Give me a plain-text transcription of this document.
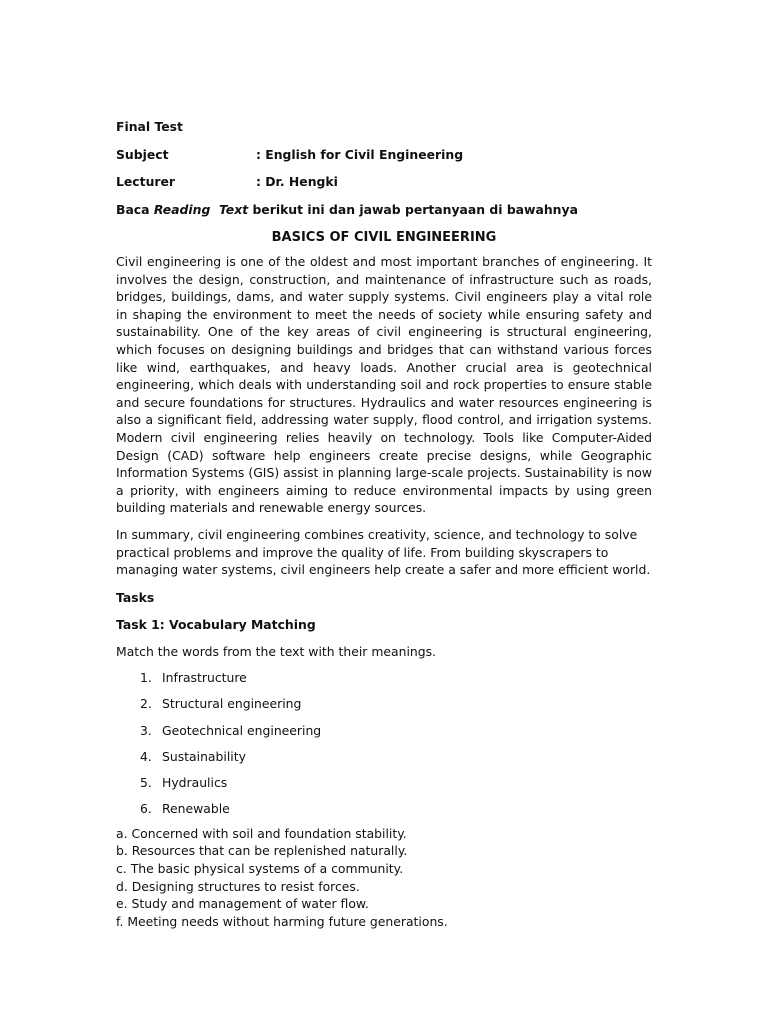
Final Test
Subject	: English for Civil Engineering
Lecturer	: Dr. Hengki
Baca Reading  Text berikut ini dan jawab pertanyaan di bawahnya
BASICS OF CIVIL ENGINEERING

Civil engineering is one of the oldest and most important branches of engineering. It involves the design, construction, and maintenance of infrastructure such as roads, bridges, buildings, dams, and water supply systems. Civil engineers play a vital role in shaping the environment to meet the needs of society while ensuring safety and sustainability. One of the key areas of civil engineering is structural engineering, which focuses on designing buildings and bridges that can withstand various forces like wind, earthquakes, and heavy loads. Another crucial area is geotechnical engineering, which deals with understanding soil and rock properties to ensure stable and secure foundations for structures. Hydraulics and water resources engineering is also a significant field, addressing water supply, flood control, and irrigation systems. Modern civil engineering relies heavily on technology. Tools like Computer-Aided Design (CAD) software help engineers create precise designs, while Geographic Information Systems (GIS) assist in planning large-scale projects. Sustainability is now a priority, with engineers aiming to reduce environmental impacts by using green building materials and renewable energy sources.

In summary, civil engineering combines creativity, science, and technology to solve practical problems and improve the quality of life. From building skyscrapers to managing water systems, civil engineers help create a safer and more efficient world.

Tasks
Task 1: Vocabulary Matching
Match the words from the text with their meanings.
1. Infrastructure
2. Structural engineering
3. Geotechnical engineering
4. Sustainability
5. Hydraulics
6. Renewable
a. Concerned with soil and foundation stability.
b. Resources that can be replenished naturally.
c. The basic physical systems of a community.
d. Designing structures to resist forces.
e. Study and management of water flow.
f. Meeting needs without harming future generations.
